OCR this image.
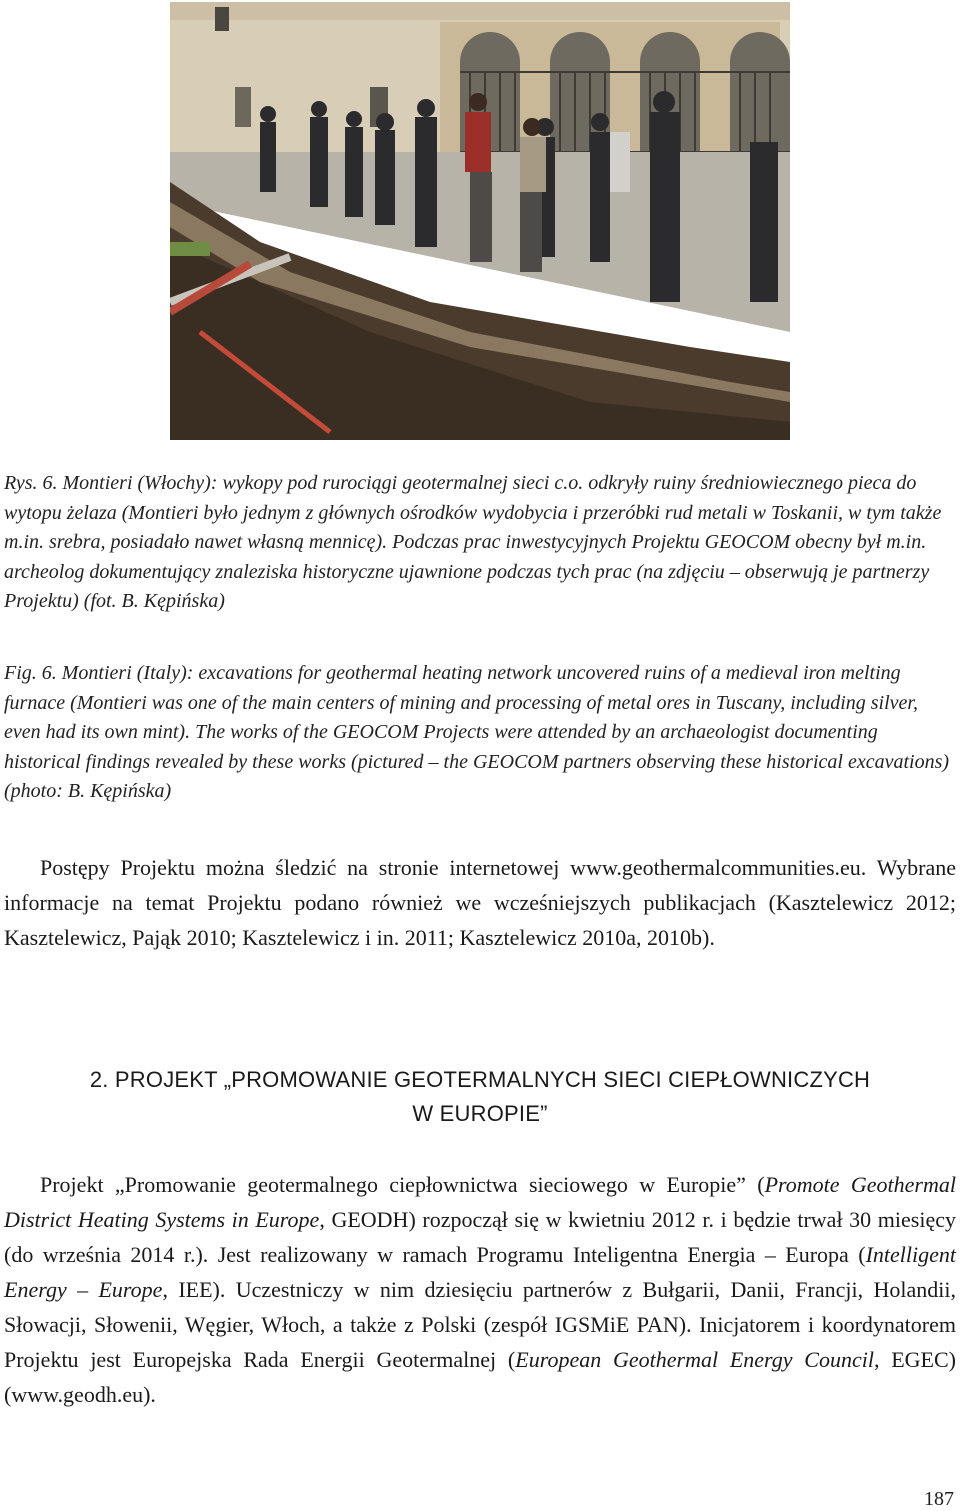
Rys. 6. Montieri (Włochy): wykopy pod rurociągi geotermalnej sieci c.o. odkryły ruiny średniowiecznego pieca do wytopu żelaza (Montieri było jednym z głównych ośrodków wydobycia i przeróbki rud metali w Toskanii, w tym także m.in. srebra, posiadało nawet własną mennicę). Podczas prac inwestycyjnych Projektu GEOCOM obecny był m.in. archeolog dokumentujący znaleziska historyczne ujawnione podczas tych prac (na zdjęciu – obserwują je partnerzy Projektu) (fot. B. Kępińska)

Fig. 6. Montieri (Italy): excavations for geothermal heating network uncovered ruins of a medieval iron melting furnace (Montieri was one of the main centers of mining and processing of metal ores in Tuscany, including silver, even had its own mint). The works of the GEOCOM Projects were attended by an archaeologist documenting historical findings revealed by these works (pictured – the GEOCOM partners observing these historical excavations) (photo: B. Kępińska)

Postępy Projektu można śledzić na stronie internetowej www.geothermalcommunities.eu. Wybrane informacje na temat Projektu podano również we wcześniejszych publikacjach (Kasztelewicz 2012; Kasztelewicz, Pająk 2010; Kasztelewicz i in. 2011; Kasztelewicz 2010a, 2010b).

2. PROJEKT „PROMOWANIE GEOTERMALNYCH SIECI CIEPŁOWNICZYCH
W EUROPIE”

Projekt „Promowanie geotermalnego ciepłownictwa sieciowego w Europie” (Promote Geothermal District Heating Systems in Europe, GEODH) rozpoczął się w kwietniu 2012 r. i będzie trwał 30 miesięcy (do września 2014 r.). Jest realizowany w ramach Programu Inteligentna Energia – Europa (Intelligent Energy – Europe, IEE). Uczestniczy w nim dziesięciu partnerów z Bułgarii, Danii, Francji, Holandii, Słowacji, Słowenii, Węgier, Włoch, a także z Polski (zespół IGSMiE PAN). Inicjatorem i koordynatorem Projektu jest Europejska Rada Energii Geotermalnej (European Geothermal Energy Council, EGEC) (www.geodh.eu).

187
